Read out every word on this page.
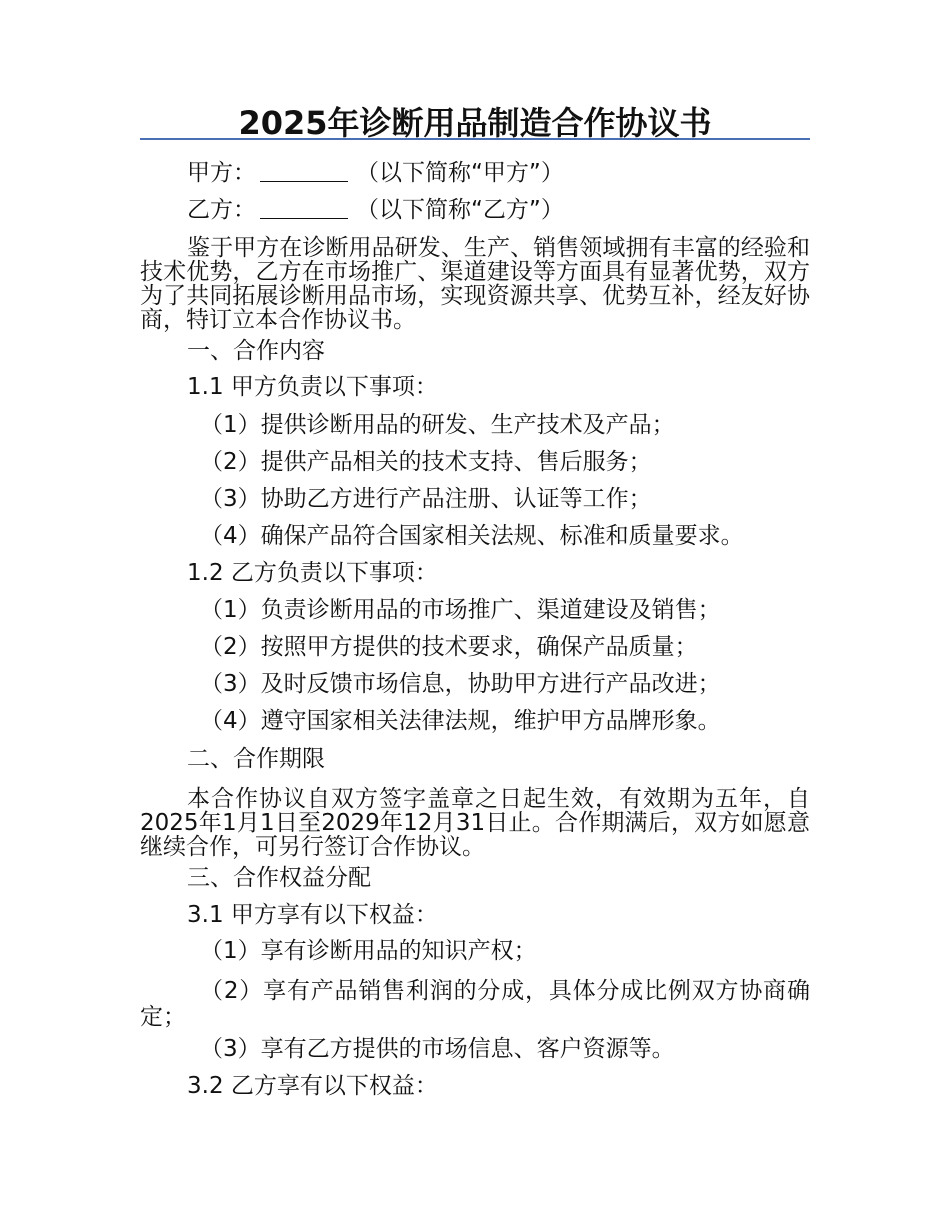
2025年诊断用品制造合作协议书
甲方：	（以下简称“甲方”）
乙方：	（以下简称“乙方”）
鉴于甲方在诊断用品研发、生产、销售领域拥有丰富的经验和技术优势，乙方在市场推广、渠道建设等方面具有显著优势，双方为了共同拓展诊断用品市场，实现资源共享、优势互补，经友好协商，特订立本合作协议书。
一、合作内容
1.1 甲方负责以下事项：
（1）提供诊断用品的研发、生产技术及产品；
（2）提供产品相关的技术支持、售后服务；
（3）协助乙方进行产品注册、认证等工作；
（4）确保产品符合国家相关法规、标准和质量要求。
1.2 乙方负责以下事项：
（1）负责诊断用品的市场推广、渠道建设及销售；
（2）按照甲方提供的技术要求，确保产品质量；
（3）及时反馈市场信息，协助甲方进行产品改进；
（4）遵守国家相关法律法规，维护甲方品牌形象。
二、合作期限
本合作协议自双方签字盖章之日起生效，有效期为五年，自2025年1月1日至2029年12月31日止。合作期满后，双方如愿意继续合作，可另行签订合作协议。
三、合作权益分配
3.1 甲方享有以下权益：
（1）享有诊断用品的知识产权；
（2）享有产品销售利润的分成，具体分成比例双方协商确定；
（3）享有乙方提供的市场信息、客户资源等。
3.2 乙方享有以下权益：
